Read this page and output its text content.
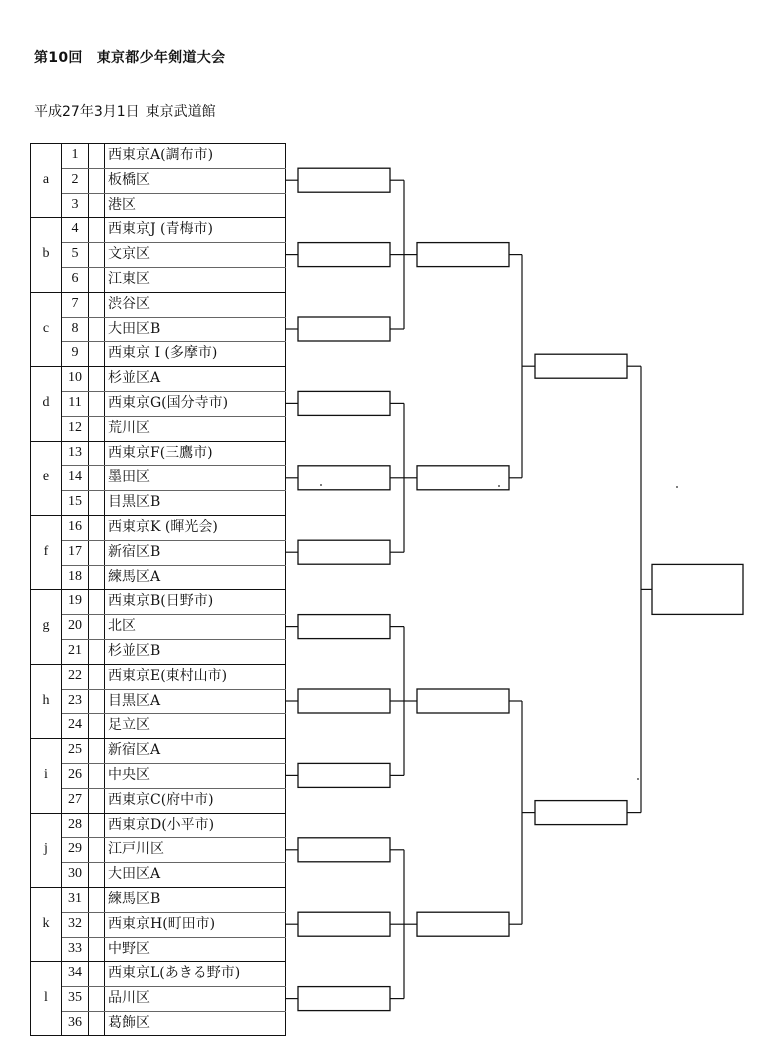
第10回 東京都少年剣道大会
平成27年3月1日 東京武道館
a
1	西東京A(調布市)
2	板橋区
3	港区
b
4	西東京J (青梅市)
5	文京区
6	江東区
c
7	渋谷区
8	大田区B
9	西東京 I (多摩市)
d
10	杉並区A
11	西東京G(国分寺市)
12	荒川区
e
13	西東京F(三鷹市)
14	墨田区
15	目黒区B
f
16	西東京K (暉光会)
17	新宿区B
18	練馬区A
g
19	西東京B(日野市)
20	北区
21	杉並区B
h
22	西東京E(東村山市)
23	目黒区A
24	足立区
i
25	新宿区A
26	中央区
27	西東京C(府中市)
j
28	西東京D(小平市)
29	江戸川区
30	大田区A
k
31	練馬区B
32	西東京H(町田市)
33	中野区
l
34	西東京L(あきる野市)
35	品川区
36	葛飾区
